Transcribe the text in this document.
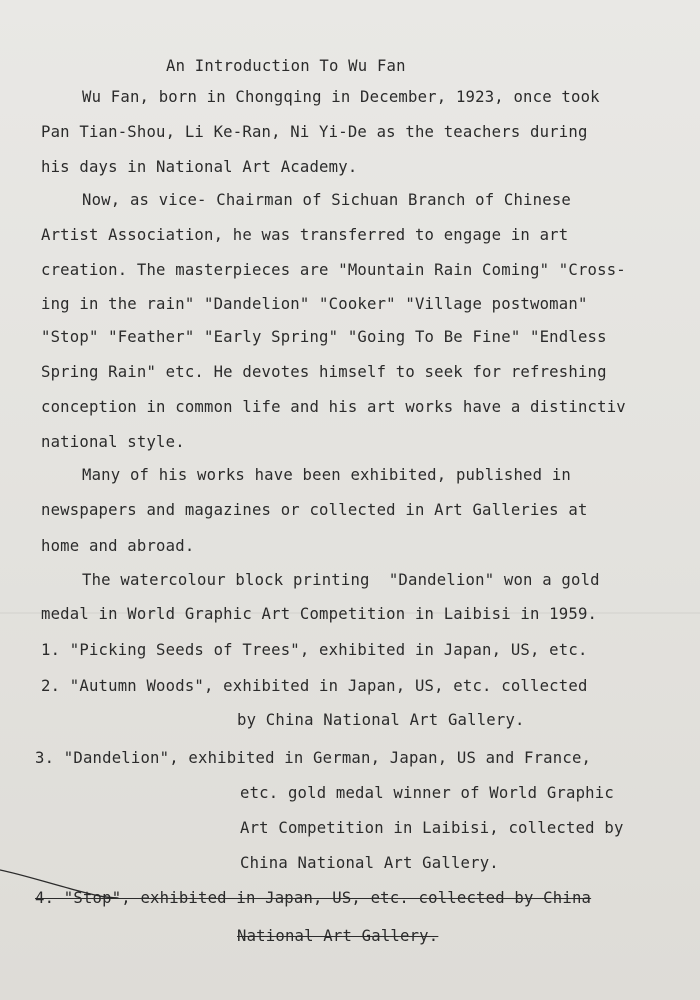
An Introduction To Wu Fan
Wu Fan, born in Chongqing in December, 1923, once took
Pan Tian-Shou, Li Ke-Ran, Ni Yi-De as the teachers during
his days in National Art Academy.
Now, as vice- Chairman of Sichuan Branch of Chinese
Artist Association, he was transferred to engage in art
creation. The masterpieces are "Mountain Rain Coming" "Cross-
ing in the rain" "Dandelion" "Cooker" "Village postwoman"
"Stop" "Feather" "Early Spring" "Going To Be Fine" "Endless
Spring Rain" etc. He devotes himself to seek for refreshing
conception in common life and his art works have a distinctiv
national style.
Many of his works have been exhibited, published in
newspapers and magazines or collected in Art Galleries at
home and abroad.
The watercolour block printing  "Dandelion" won a gold
medal in World Graphic Art Competition in Laibisi in 1959.
1. "Picking Seeds of Trees", exhibited in Japan, US, etc.
2. "Autumn Woods", exhibited in Japan, US, etc. collected
by China National Art Gallery.
3. "Dandelion", exhibited in German, Japan, US and France,
etc. gold medal winner of World Graphic
Art Competition in Laibisi, collected by
China National Art Gallery.
4. "Stop", exhibited in Japan, US, etc. collected by China
National Art Gallery.
